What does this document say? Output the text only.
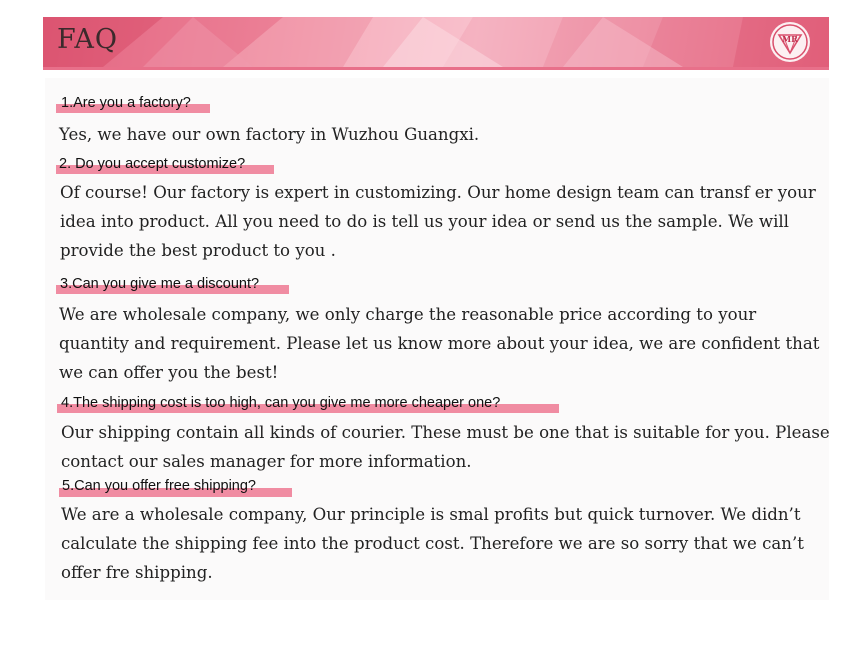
FAQ	MR
1.Are you a factory?
Yes, we have our own factory in Wuzhou Guangxi.
2. Do you accept customize?
Of course! Our factory is expert in customizing. Our home design team can transf er your
idea into product. All you need to do is tell us your idea or send us the sample. We will
provide the best product to you .
3.Can you give me a discount?
We are wholesale company, we only charge the reasonable price according to your
quantity and requirement. Please let us know more about your idea, we are confident that
we can offer you the best!
4.The shipping cost is too high, can you give me more cheaper one?
Our shipping contain all kinds of courier. These must be one that is suitable for you. Please
contact our sales manager for more information.
5.Can you offer free shipping?
We are a wholesale company, Our principle is smal profits but quick turnover. We didn’t
calculate the shipping fee into the product cost. Therefore we are so sorry that we can’t
offer fre shipping.
